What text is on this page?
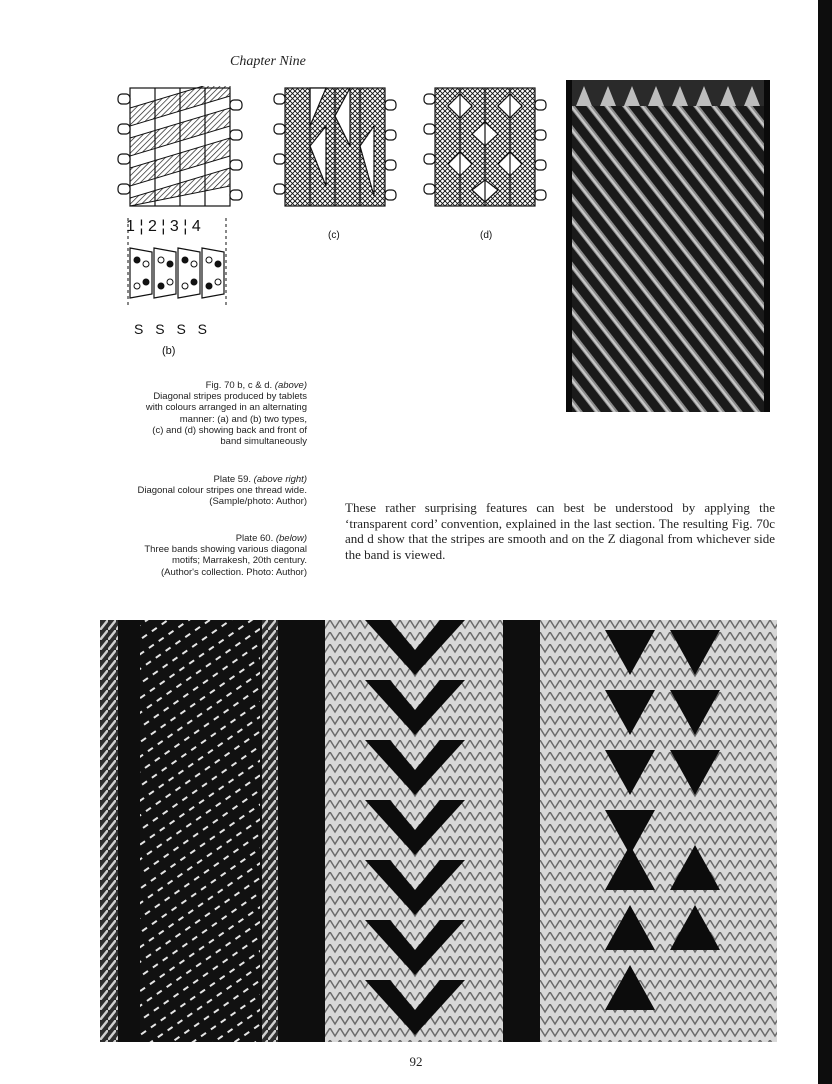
Chapter Nine
1 ¦ 2 ¦ 3 ¦ 4
S S S S
(b)
(c)	(d)
Fig. 70 b, c & d. (above)
Diagonal stripes produced by tablets
with colours arranged in an alternating
manner: (a) and (b) two types,
(c) and (d) showing back and front of
band simultaneously
Plate 59. (above right)
Diagonal colour stripes one thread wide.
(Sample/photo: Author)
Plate 60. (below)
Three bands showing various diagonal
motifs; Marrakesh, 20th century.
(Author's collection. Photo: Author)
These rather surprising features can best be understood by applying the ‘transparent cord’ convention, explained in the last section. The resulting Fig. 70c and d show that the stripes are smooth and on the Z diagonal from whichever side the band is viewed.
92
